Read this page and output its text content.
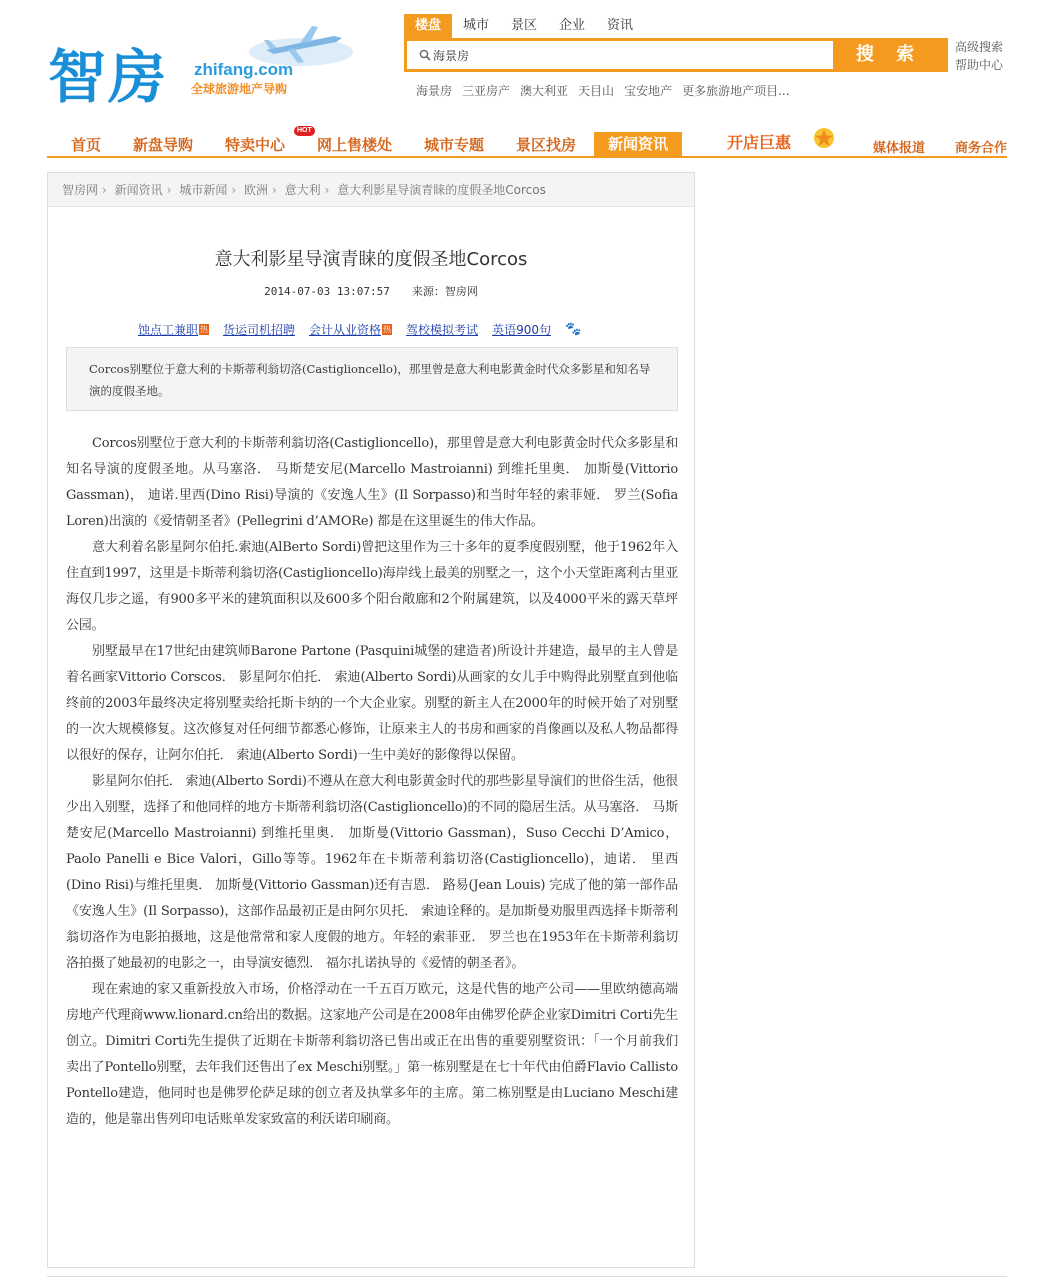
智房 zhifang.com
全球旅游地产导购
楼盘	城市	景区	企业	资讯
海景房
搜 索	高级搜索
帮助中心
海景房 三亚房产 澳大利亚 天目山 宝安地产 更多旅游地产项目...
首页 新盘导购 特卖中心
HOT
网上售楼处 城市专题 景区找房	新闻资讯	开店巨惠	媒体报道 商务合作
智房网 › 新闻资讯 › 城市新闻 › 欧洲 › 意大利 › 意大利影星导演青睐的度假圣地Corcos
意大利影星导演青睐的度假圣地Corcos
2014-07-03 13:07:57 来源：智房网
蚀点工兼职 热 货运司机招聘 会计从业资格 热 驾校模拟考试 英语900句 🐾
Corcos别墅位于意大利的卡斯蒂利翁切洛(Castiglioncello)，那里曾是意大利电影黄金时代众多影星和知名导演的度假圣地。

Corcos别墅位于意大利的卡斯蒂利翁切洛(Castiglioncello)，那里曾是意大利电影黄金时代众多影星和知名导演的度假圣地。从马塞洛． 马斯楚安尼(Marcello Mastroianni) 到维托里奥． 加斯曼(Vittorio Gassman)， 迪诺.里西(Dino Risi)导演的《安逸人生》(Il Sorpasso)和当时年轻的索菲娅． 罗兰(Sofia Loren)出演的《爱情朝圣者》(Pellegrini d’AMORe) 都是在这里诞生的伟大作品。

意大利着名影星阿尔伯托.索迪(AlBerto Sordi)曾把这里作为三十多年的夏季度假别墅，他于1962年入住直到1997，这里是卡斯蒂利翁切洛(Castiglioncello)海岸线上最美的别墅之一，这个小天堂距离利古里亚海仅几步之遥，有900多平米的建筑面积以及600多个阳台敞廊和2个附属建筑，以及4000平米的露天草坪公园。

别墅最早在17世纪由建筑师Barone Partone (Pasquini城堡的建造者)所设计并建造，最早的主人曾是着名画家Vittorio Corscos． 影星阿尔伯托． 索迪(Alberto Sordi)从画家的女儿手中购得此别墅直到他临终前的2003年最终决定将别墅卖给托斯卡纳的一个大企业家。别墅的新主人在2000年的时候开始了对别墅的一次大规模修复。这次修复对任何细节都悉心修饰，让原来主人的书房和画家的肖像画以及私人物品都得以很好的保存，让阿尔伯托． 索迪(Alberto Sordi)一生中美好的影像得以保留。

影星阿尔伯托． 索迪(Alberto Sordi)不遵从在意大利电影黄金时代的那些影星导演们的世俗生活，他很少出入别墅，选择了和他同样的地方卡斯蒂利翁切洛(Castiglioncello)的不同的隐居生活。从马塞洛． 马斯楚安尼(Marcello Mastroianni) 到维托里奥． 加斯曼(Vittorio Gassman)，Suso Cecchi D’Amico，Paolo Panelli e Bice Valori，Gillo等等。1962年在卡斯蒂利翁切洛(Castiglioncello)，迪诺． 里西(Dino Risi)与维托里奥． 加斯曼(Vittorio Gassman)还有吉恩． 路易(Jean Louis) 完成了他的第一部作品《安逸人生》(Il Sorpasso)，这部作品最初正是由阿尔贝托． 索迪诠释的。是加斯曼劝服里西选择卡斯蒂利翁切洛作为电影拍摄地，这是他常常和家人度假的地方。年轻的索菲亚． 罗兰也在1953年在卡斯蒂利翁切洛拍摄了她最初的电影之一，由导演安德烈． 福尔扎诺执导的《爱情的朝圣者》。

现在索迪的家又重新投放入市场，价格浮动在一千五百万欧元，这是代售的地产公司——里欧纳德高端房地产代理商www.lionard.cn给出的数据。这家地产公司是在2008年由佛罗伦萨企业家Dimitri Corti先生创立。Dimitri Corti先生提供了近期在卡斯蒂利翁切洛已售出或正在出售的重要别墅资讯：「一个月前我们卖出了Pontello别墅，去年我们还售出了ex Meschi别墅。」第一栋别墅是在七十年代由伯爵Flavio Callisto Pontello建造，他同时也是佛罗伦萨足球的创立者及执掌多年的主席。第二栋别墅是由Luciano Meschi建造的，他是靠出售列印电话账单发家致富的利沃诺印刷商。
